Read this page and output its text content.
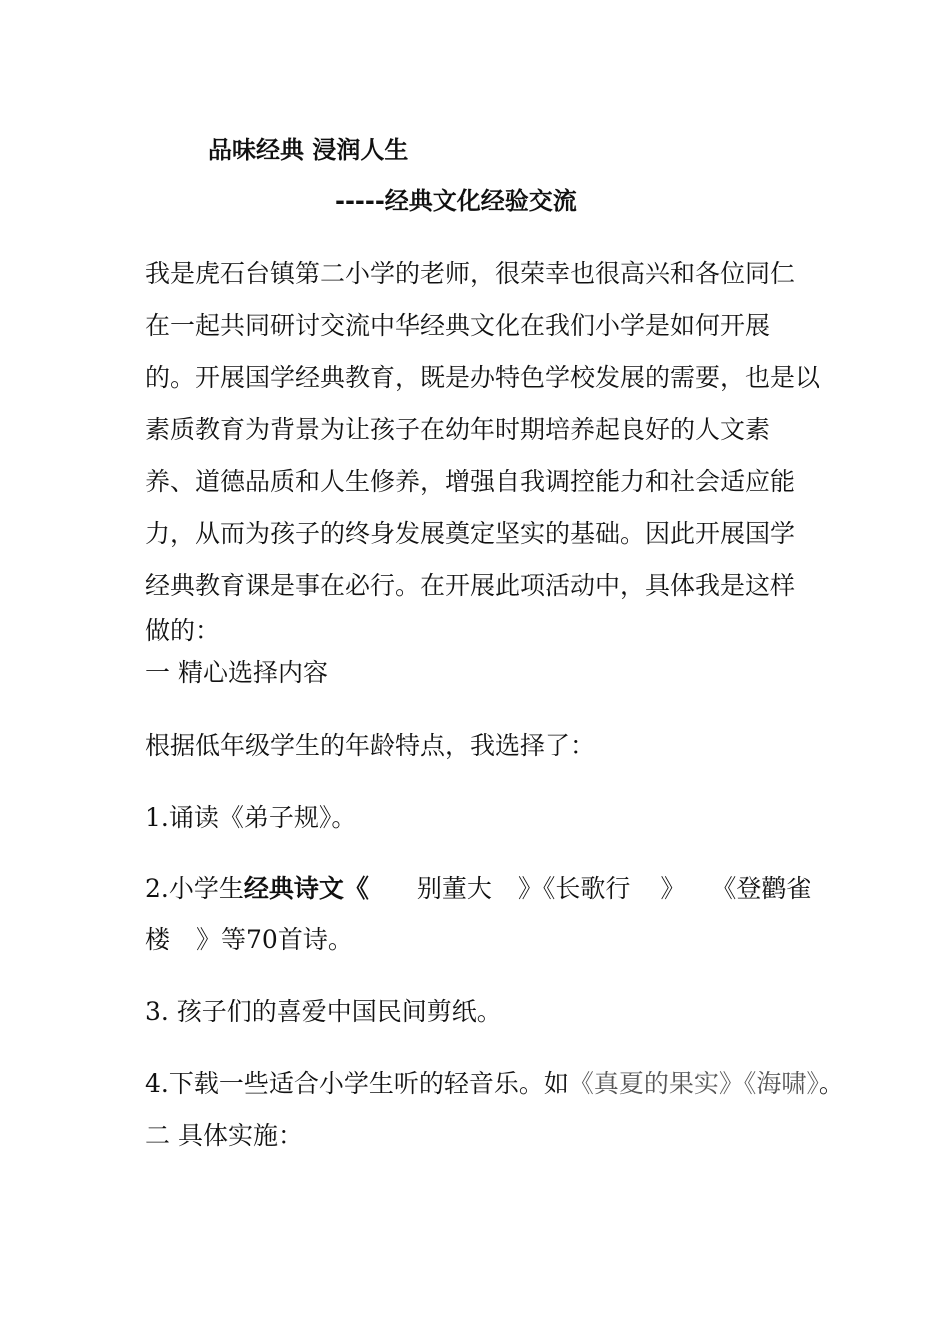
品味经典 浸润人生
-----经典文化经验交流
我是虎石台镇第二小学的老师，很荣幸也很高兴和各位同仁
在一起共同研讨交流中华经典文化在我们小学是如何开展
的。开展国学经典教育，既是办特色学校发展的需要，也是以
素质教育为背景为让孩子在幼年时期培养起良好的人文素
养、道德品质和人生修养，增强自我调控能力和社会适应能
力，从而为孩子的终身发展奠定坚实的基础。因此开展国学
经典教育课是事在必行。在开展此项活动中，具体我是这样
做的：
一 精心选择内容
根据低年级学生的年龄特点，我选择了：
1.诵读《弟子规》。
2.小学生经典诗文《 别董大 》《长歌行 》 《登鹳雀
楼 》等70首诗。
3. 孩子们的喜爱中国民间剪纸。
4.下载一些适合小学生听的轻音乐。如《真夏的果实》《海啸》。
二 具体实施：
